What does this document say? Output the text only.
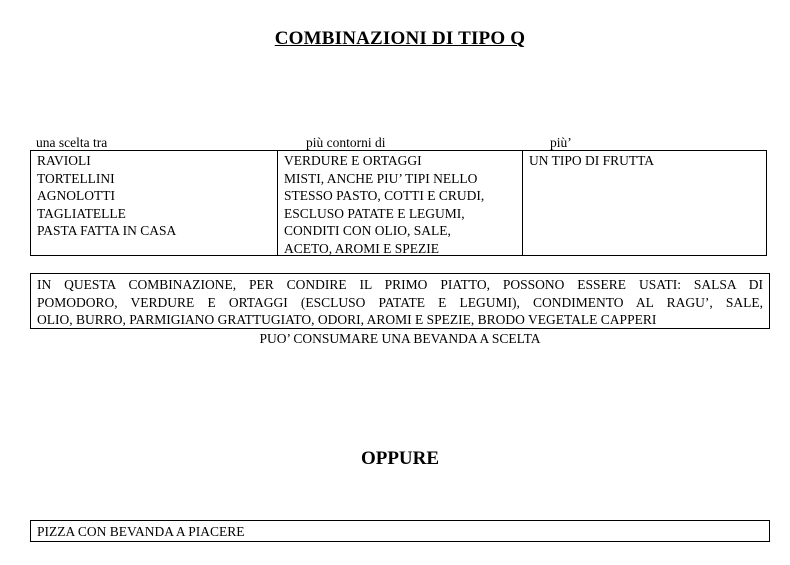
COMBINAZIONI DI TIPO Q
una scelta tra	più contorni di	più’
RAVIOLI
TORTELLINI
AGNOLOTTI
TAGLIATELLE
PASTA FATTA IN CASA
VERDURE E ORTAGGI
MISTI, ANCHE PIU’ TIPI NELLO
STESSO PASTO, COTTI E CRUDI,
ESCLUSO PATATE E LEGUMI,
CONDITI CON OLIO, SALE,
ACETO, AROMI E SPEZIE
UN TIPO DI FRUTTA
IN QUESTA COMBINAZIONE, PER CONDIRE IL PRIMO PIATTO, POSSONO ESSERE USATI: SALSA DI
POMODORO, VERDURE E ORTAGGI (ESCLUSO PATATE E LEGUMI), CONDIMENTO AL RAGU’, SALE,
OLIO, BURRO, PARMIGIANO GRATTUGIATO, ODORI, AROMI E SPEZIE, BRODO VEGETALE CAPPERI
PUO’ CONSUMARE UNA BEVANDA A SCELTA
OPPURE
PIZZA CON BEVANDA A PIACERE
